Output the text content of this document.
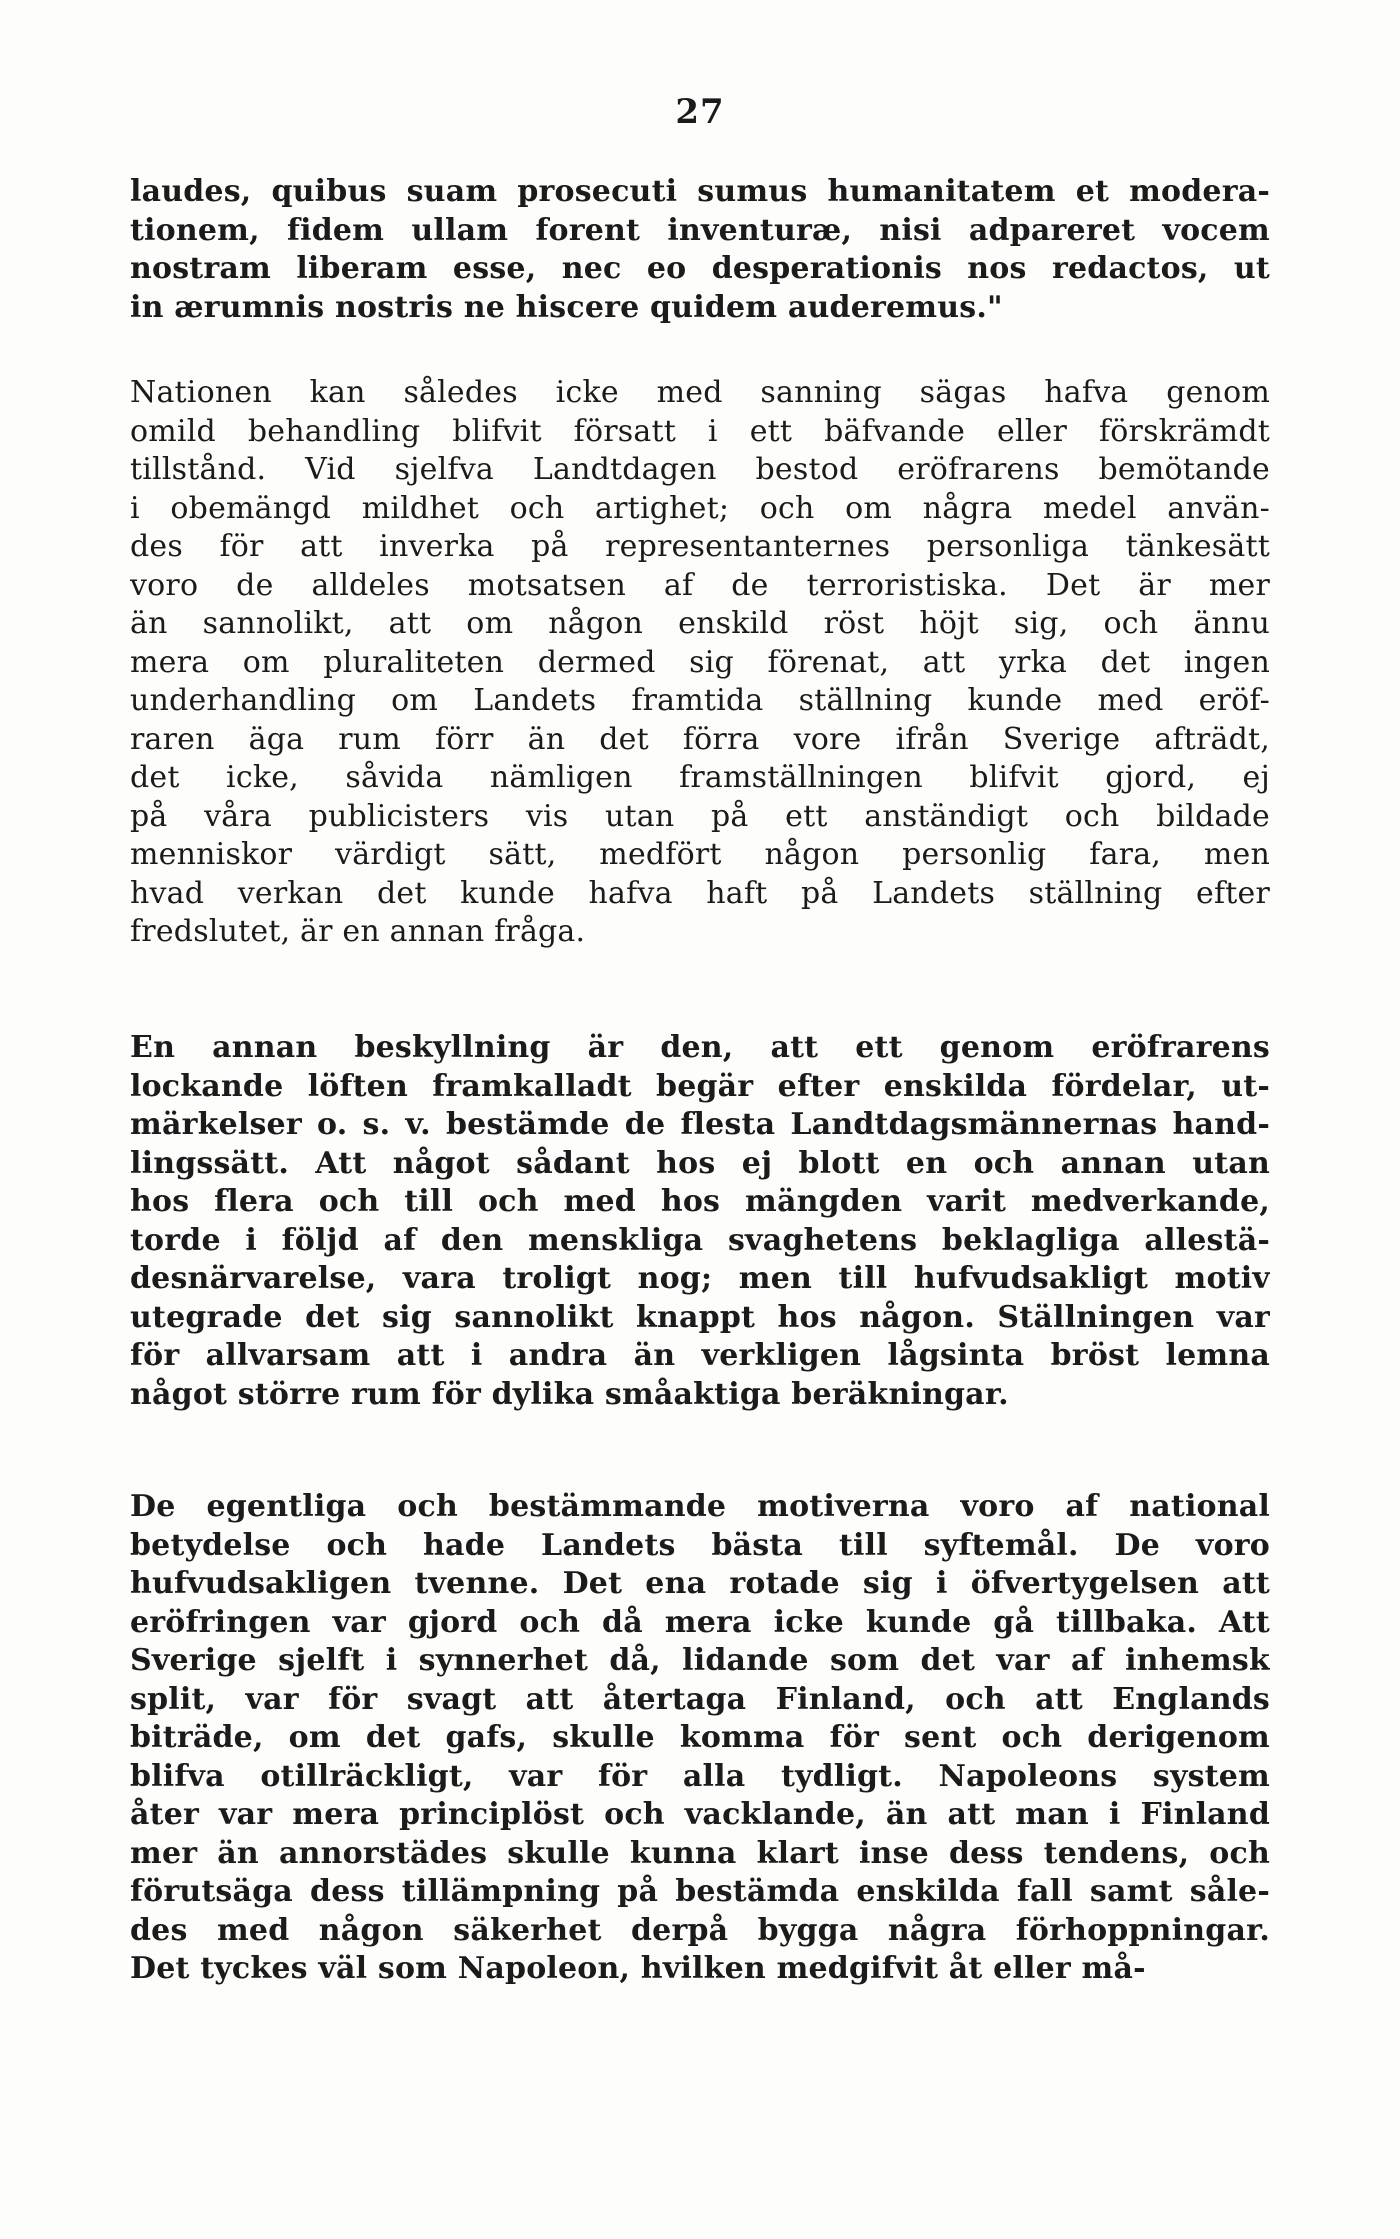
27
laudes, quibus suam prosecuti sumus humanitatem et modera-
tionem, fidem ullam forent inventuræ, nisi adpareret vocem
nostram liberam esse, nec eo desperationis nos redactos, ut
in ærumnis nostris ne hiscere quidem auderemus."
Nationen kan således icke med sanning sägas hafva genom
omild behandling blifvit försatt i ett bäfvande eller förskrämdt
tillstånd. Vid sjelfva Landtdagen bestod eröfrarens bemötande
i obemängd mildhet och artighet; och om några medel använ-
des för att inverka på representanternes personliga tänkesätt
voro de alldeles motsatsen af de terroristiska. Det är mer
än sannolikt, att om någon enskild röst höjt sig, och ännu
mera om pluraliteten dermed sig förenat, att yrka det ingen
underhandling om Landets framtida ställning kunde med eröf-
raren äga rum förr än det förra vore ifrån Sverige afträdt,
det icke, såvida nämligen framställningen blifvit gjord, ej
på våra publicisters vis utan på ett anständigt och bildade
menniskor värdigt sätt, medfört någon personlig fara, men
hvad verkan det kunde hafva haft på Landets ställning efter
fredslutet, är en annan fråga.
En annan beskyllning är den, att ett genom eröfrarens
lockande löften framkalladt begär efter enskilda fördelar, ut-
märkelser o. s. v. bestämde de flesta Landtdagsmännernas hand-
lingssätt. Att något sådant hos ej blott en och annan utan
hos flera och till och med hos mängden varit medverkande,
torde i följd af den menskliga svaghetens beklagliga allestä-
desnärvarelse, vara troligt nog; men till hufvudsakligt motiv
utegrade det sig sannolikt knappt hos någon. Ställningen var
för allvarsam att i andra än verkligen lågsinta bröst lemna
något större rum för dylika småaktiga beräkningar.
De egentliga och bestämmande motiverna voro af national
betydelse och hade Landets bästa till syftemål. De voro
hufvudsakligen tvenne. Det ena rotade sig i öfvertygelsen att
eröfringen var gjord och då mera icke kunde gå tillbaka. Att
Sverige sjelft i synnerhet då, lidande som det var af inhemsk
split, var för svagt att återtaga Finland, och att Englands
biträde, om det gafs, skulle komma för sent och derigenom
blifva otillräckligt, var för alla tydligt. Napoleons system
åter var mera principlöst och vacklande, än att man i Finland
mer än annorstädes skulle kunna klart inse dess tendens, och
förutsäga dess tillämpning på bestämda enskilda fall samt såle-
des med någon säkerhet derpå bygga några förhoppningar.
Det tyckes väl som Napoleon, hvilken medgifvit åt eller må-
